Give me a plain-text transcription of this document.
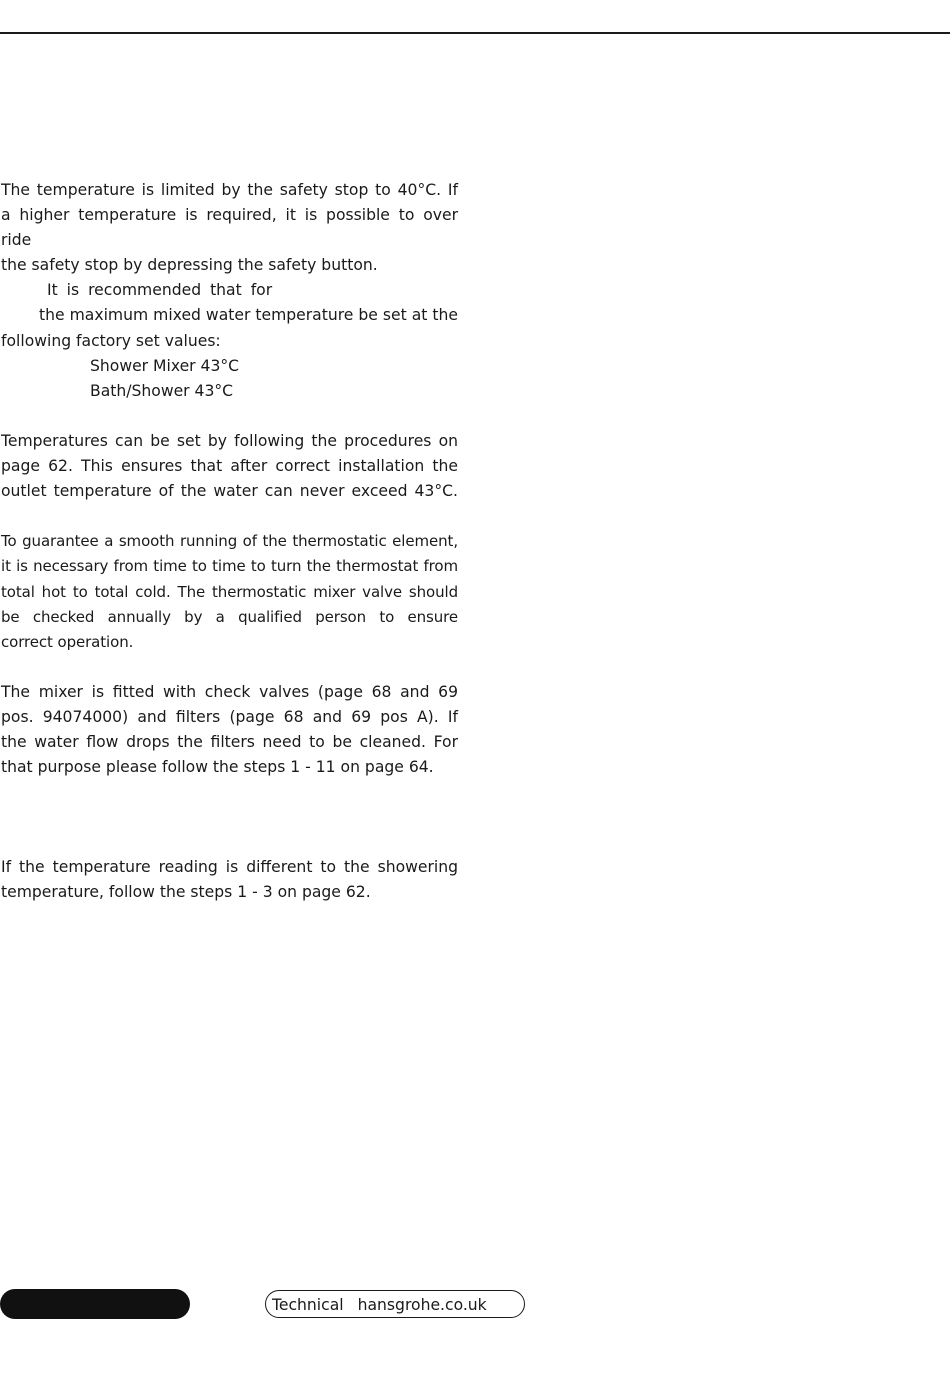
The temperature is limited by the safety stop to 40°C. If
a higher temperature is required, it is possible to over ride
the safety stop by depressing the safety button.
It is recommended that for
the maximum mixed water temperature be set at the
following factory set values:
Shower Mixer 43°C
Bath/Shower 43°C

Temperatures can be set by following the procedures on
page 62. This ensures that after correct installation the
outlet temperature of the water can never exceed 43°C.

To guarantee a smooth running of the thermostatic element,
it is necessary from time to time to turn the thermostat from
total hot to total cold. The thermostatic mixer valve should
be checked annually by a qualified person to ensure
correct operation.

The mixer is fitted with check valves (page 68 and 69
pos. 94074000) and filters (page 68 and 69 pos A). If
the water flow drops the filters need to be cleaned. For
that purpose please follow the steps 1 - 11 on page 64.

If the temperature reading is different to the showering
temperature, follow the steps 1 - 3 on page 62.

Technical hansgrohe.co.uk
